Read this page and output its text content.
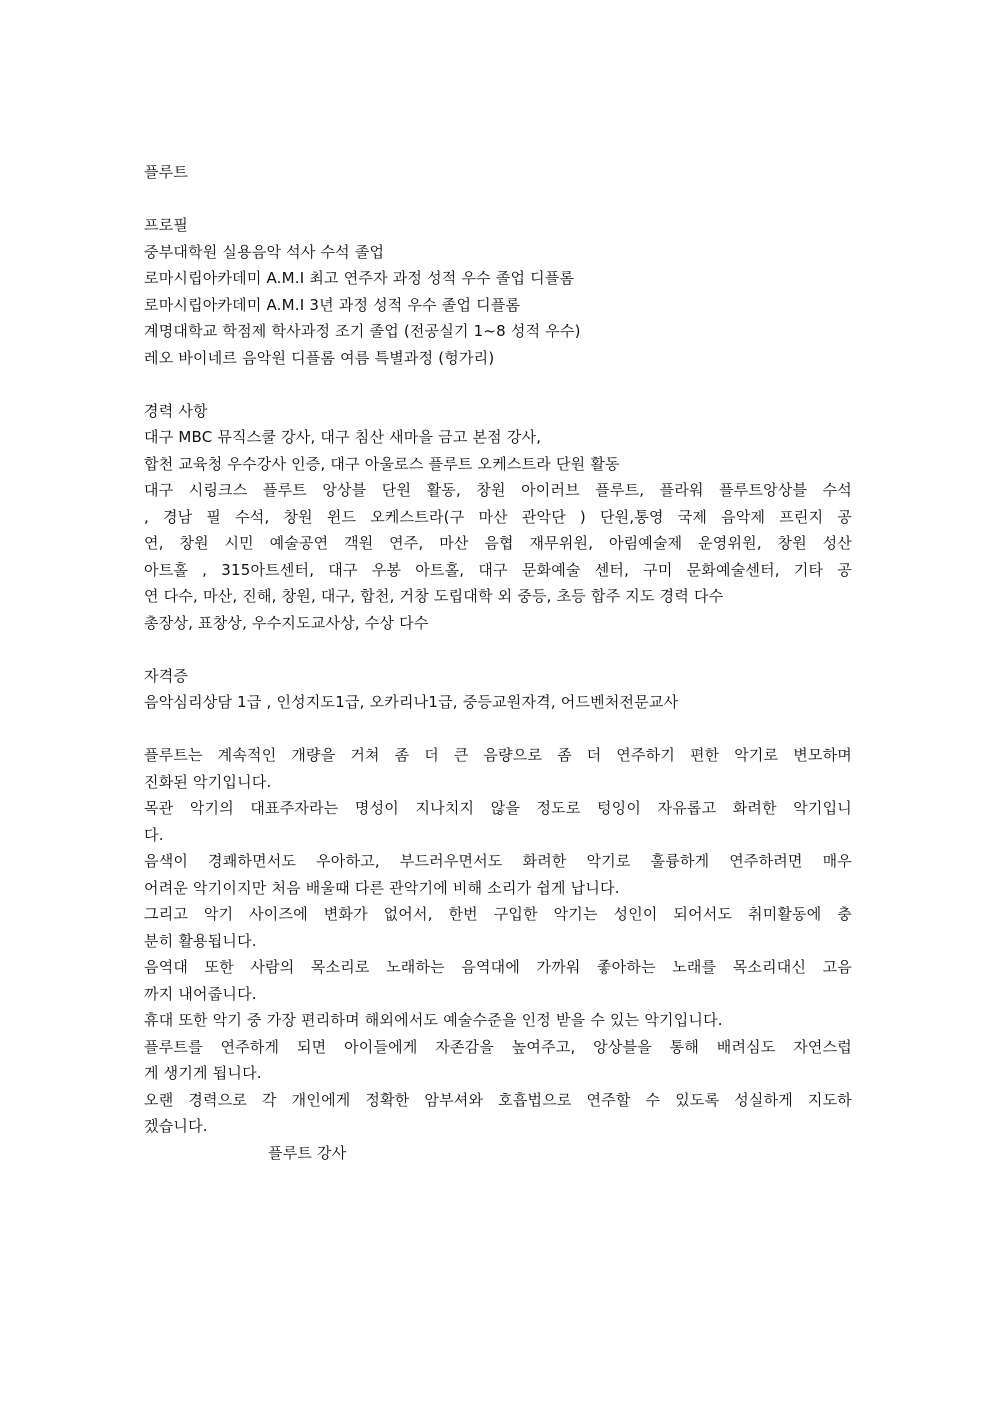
플루트
프로필
중부대학원 실용음악 석사 수석 졸업
로마시립아카데미 A.M.I 최고 연주자 과정 성적 우수 졸업 디플롬
로마시립아카데미 A.M.I 3년 과정 성적 우수 졸업 디플롬
계명대학교 학점제 학사과정 조기 졸업 (전공실기 1~8 성적 우수)
레오 바이네르 음악원 디플롬 여름 특별과정 (헝가리)
경력 사항
대구 MBC 뮤직스쿨 강사, 대구 침산 새마을 금고 본점 강사,
합천 교육청 우수강사 인증, 대구 아울로스 플루트 오케스트라 단원 활동
대구 시링크스 플루트 앙상블 단원 활동, 창원 아이러브 플루트, 플라워 플루트앙상블 수석
, 경남 필 수석, 창원 윈드 오케스트라(구 마산 관악단 ) 단원,통영 국제 음악제 프린지 공
연, 창원 시민 예술공연 객원 연주, 마산 음협 재무위원, 아림예술제 운영위원, 창원 성산
아트홀 , 315아트센터, 대구 우봉 아트홀, 대구 문화예술 센터, 구미 문화예술센터, 기타 공
연 다수, 마산, 진해, 창원, 대구, 합천, 거창 도립대학 외 중등, 초등 합주 지도 경력 다수
총장상, 표창상, 우수지도교사상, 수상 다수
자격증
음악심리상담 1급 , 인성지도1급, 오카리나1급, 중등교원자격, 어드벤처전문교사
플루트는 계속적인 개량을 거쳐 좀 더 큰 음량으로 좀 더 연주하기 편한 악기로 변모하며
진화된 악기입니다.
목관 악기의 대표주자라는 명성이 지나치지 않을 정도로 텅잉이 자유롭고 화려한 악기입니
다.
음색이 경쾌하면서도 우아하고, 부드러우면서도 화려한 악기로 훌륭하게 연주하려면 매우
어려운 악기이지만 처음 배울때 다른 관악기에 비해 소리가 쉽게 납니다.
그리고 악기 사이즈에 변화가 없어서, 한번 구입한 악기는 성인이 되어서도 취미활동에 충
분히 활용됩니다.
음역대 또한 사람의 목소리로 노래하는 음역대에 가까워 좋아하는 노래를 목소리대신 고음
까지 내어줍니다.
휴대 또한 악기 중 가장 편리하며 해외에서도 예술수준을 인정 받을 수 있는 악기입니다.
플루트를 연주하게 되면 아이들에게 자존감을 높여주고, 앙상블을 통해 배려심도 자연스럽
게 생기게 됩니다.
오랜 경력으로 각 개인에게 정확한 암부셔와 호흡법으로 연주할 수 있도록 성실하게 지도하
겠습니다.
플루트 강사
